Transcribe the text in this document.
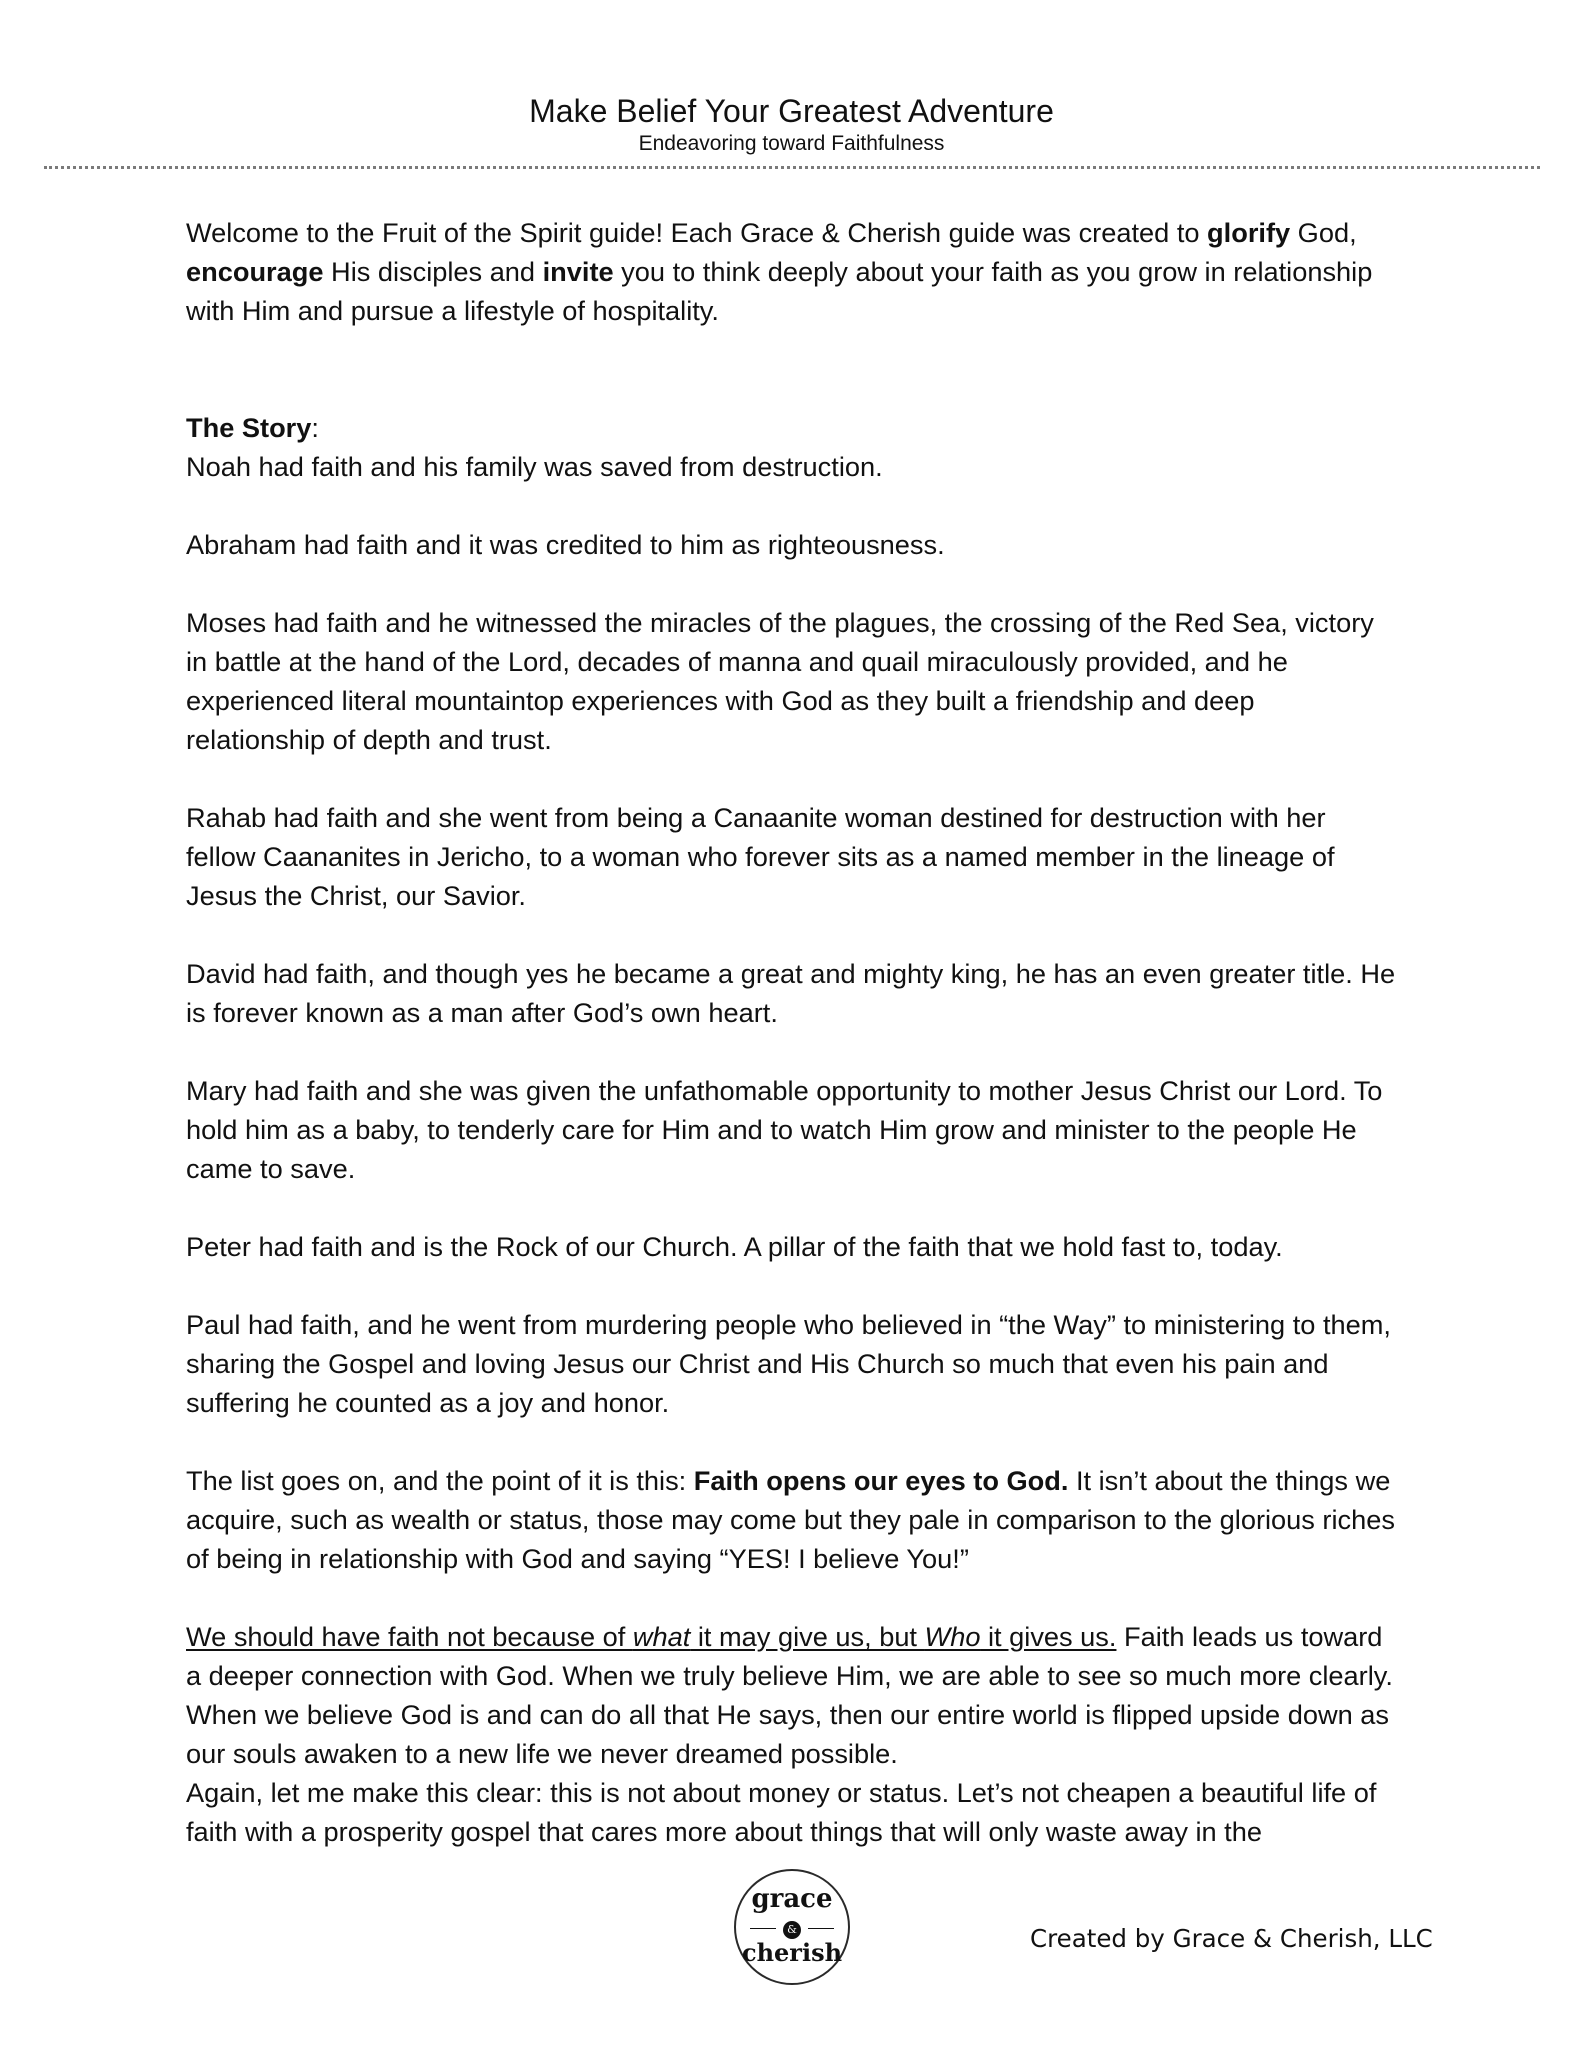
Make Belief Your Greatest Adventure
Endeavoring toward Faithfulness

Welcome to the Fruit of the Spirit guide! Each Grace & Cherish guide was created to glorify God, encourage His disciples and invite you to think deeply about your faith as you grow in relationship with Him and pursue a lifestyle of hospitality.

The Story:

Noah had faith and his family was saved from destruction.

Abraham had faith and it was credited to him as righteousness.

Moses had faith and he witnessed the miracles of the plagues, the crossing of the Red Sea, victory in battle at the hand of the Lord, decades of manna and quail miraculously provided, and he experienced literal mountaintop experiences with God as they built a friendship and deep relationship of depth and trust.

Rahab had faith and she went from being a Canaanite woman destined for destruction with her fellow Caananites in Jericho, to a woman who forever sits as a named member in the lineage of Jesus the Christ, our Savior.

David had faith, and though yes he became a great and mighty king, he has an even greater title. He is forever known as a man after God’s own heart.

Mary had faith and she was given the unfathomable opportunity to mother Jesus Christ our Lord. To hold him as a baby, to tenderly care for Him and to watch Him grow and minister to the people He came to save.

Peter had faith and is the Rock of our Church. A pillar of the faith that we hold fast to, today.

Paul had faith, and he went from murdering people who believed in “the Way” to ministering to them, sharing the Gospel and loving Jesus our Christ and His Church so much that even his pain and suffering he counted as a joy and honor.

The list goes on, and the point of it is this: Faith opens our eyes to God. It isn’t about the things we acquire, such as wealth or status, those may come but they pale in comparison to the glorious riches of being in relationship with God and saying “YES! I believe You!”

We should have faith not because of what it may give us, but Who it gives us. Faith leads us toward a deeper connection with God. When we truly believe Him, we are able to see so much more clearly. When we believe God is and can do all that He says, then our entire world is flipped upside down as our souls awaken to a new life we never dreamed possible.

Again, let me make this clear: this is not about money or status. Let’s not cheapen a beautiful life of faith with a prosperity gospel that cares more about things that will only waste away in the

grace
&
cherish	Created by Grace & Cherish, LLC
